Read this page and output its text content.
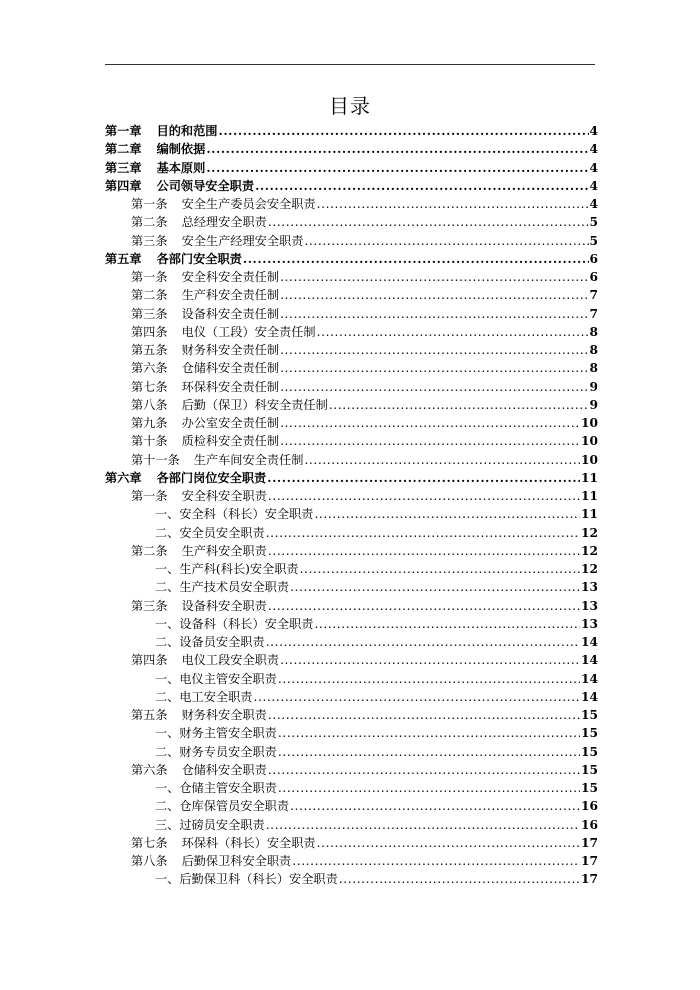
目录
第一章 目的和范围 .....	4
第二章 编制依据 .....	4
第三章 基本原则 .....	4
第四章 公司领导安全职责 .....	4
第一条 安全生产委员会安全职责 .....	4
第二条 总经理安全职责 .....	5
第三条 安全生产经理安全职责 .....	5
第五章 各部门安全职责 .....	6
第一条 安全科安全责任制 .....	6
第二条 生产科安全责任制 .....	7
第三条 设备科安全责任制 .....	7
第四条 电仪（工段）安全责任制 .....	8
第五条 财务科安全责任制 .....	8
第六条 仓储科安全责任制 .....	8
第七条 环保科安全责任制 .....	9
第八条 后勤（保卫）科安全责任制 .....	9
第九条 办公室安全责任制 .....	10
第十条 质检科安全责任制 .....	10
第十一条 生产车间安全责任制 .....	10
第六章 各部门岗位安全职责 .....	11
第一条 安全科安全职责 .....	11
一、安全科（科长）安全职责 .....	11
二、安全员安全职责 .....	12
第二条 生产科安全职责 .....	12
一、生产科(科长)安全职责 .....	12
二、生产技术员安全职责 .....	13
第三条 设备科安全职责 .....	13
一、设备科（科长）安全职责 .....	13
二、设备员安全职责 .....	14
第四条 电仪工段安全职责 .....	14
一、电仪主管安全职责 .....	14
二、电工安全职责 .....	14
第五条 财务科安全职责 .....	15
一、财务主管安全职责 .....	15
二、财务专员安全职责 .....	15
第六条 仓储科安全职责 .....	15
一、仓储主管安全职责 .....	15
二、仓库保管员安全职责 .....	16
三、过磅员安全职责 .....	16
第七条 环保科（科长）安全职责 .....	17
第八条 后勤保卫科安全职责 .....	17
一、后勤保卫科（科长）安全职责 .....	17
